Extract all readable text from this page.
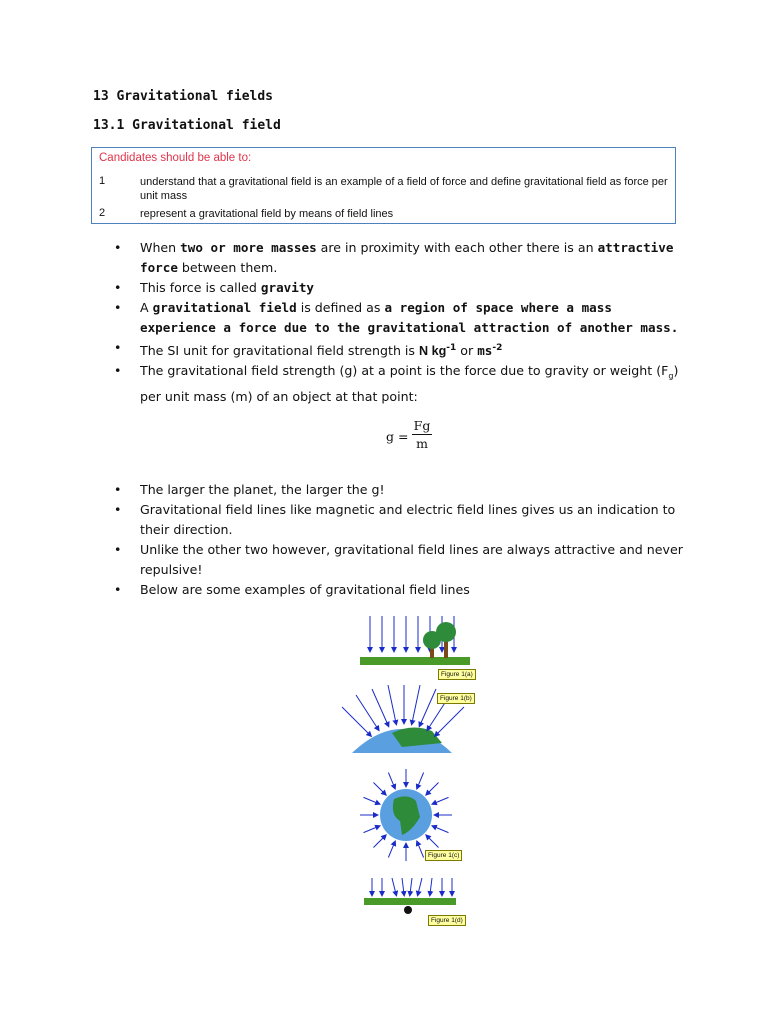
13 Gravitational fields
13.1 Gravitational field
Candidates should be able to:
1	understand that a gravitational field is an example of a field of force and define gravitational field as force per unit mass
2	represent a gravitational field by means of field lines
• When two or more masses are in proximity with each other there is an attractive force between them.
• This force is called gravity
• A gravitational field is defined as a region of space where a mass experience a force due to the gravitational attraction of another mass.
• The SI unit for gravitational field strength is N $kg^{-1}$ or $ms^{-2}$
• The gravitational field strength (g) at a point is the force due to gravity or weight $(F_g)$ per unit mass (m) of an object at that point:
• The larger the planet, the larger the g!
• Gravitational field lines like magnetic and electric field lines gives us an indication to their direction.
• Unlike the other two however, gravitational field lines are always attractive and never repulsive!
• Below are some examples of gravitational field lines
g =
Fg
m
Figure 1(a)
Figure 1(b)
Figure 1(c)
Figure 1(d)
